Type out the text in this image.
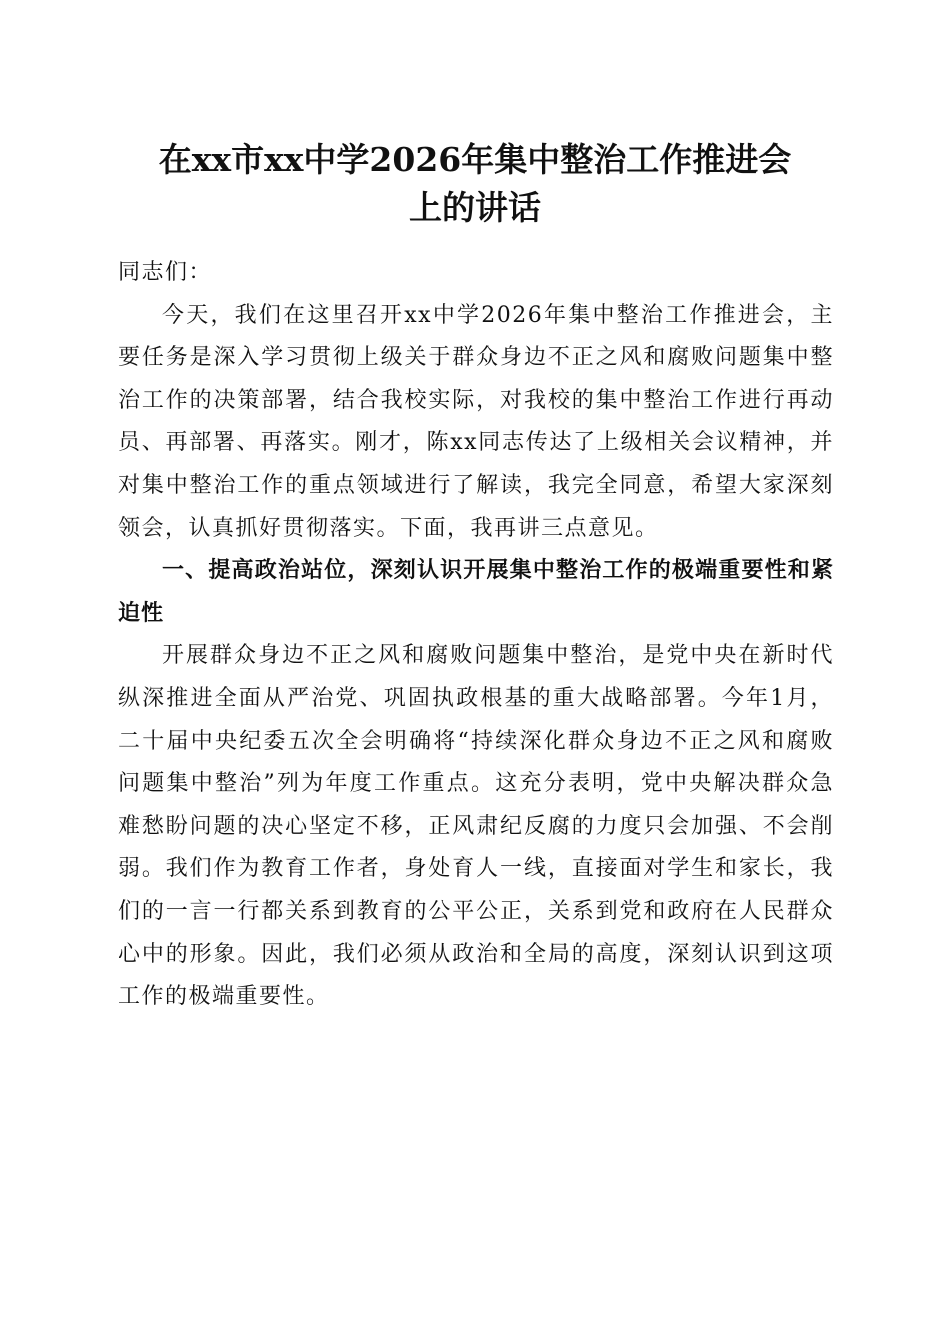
在xx市xx中学2026年集中整治工作推进会
上的讲话

同志们：

今天，我们在这里召开xx中学2026年集中整治工作推进会，主要任务是深入学习贯彻上级关于群众身边不正之风和腐败问题集中整治工作的决策部署，结合我校实际，对我校的集中整治工作进行再动员、再部署、再落实。刚才，陈xx同志传达了上级相关会议精神，并对集中整治工作的重点领域进行了解读，我完全同意，希望大家深刻领会，认真抓好贯彻落实。下面，我再讲三点意见。

一、提高政治站位，深刻认识开展集中整治工作的极端重要性和紧迫性

开展群众身边不正之风和腐败问题集中整治，是党中央在新时代纵深推进全面从严治党、巩固执政根基的重大战略部署。今年1月，二十届中央纪委五次全会明确将“持续深化群众身边不正之风和腐败问题集中整治”列为年度工作重点。这充分表明，党中央解决群众急难愁盼问题的决心坚定不移，正风肃纪反腐的力度只会加强、不会削弱。我们作为教育工作者，身处育人一线，直接面对学生和家长，我们的一言一行都关系到教育的公平公正，关系到党和政府在人民群众心中的形象。因此，我们必须从政治和全局的高度，深刻认识到这项工作的极端重要性。
